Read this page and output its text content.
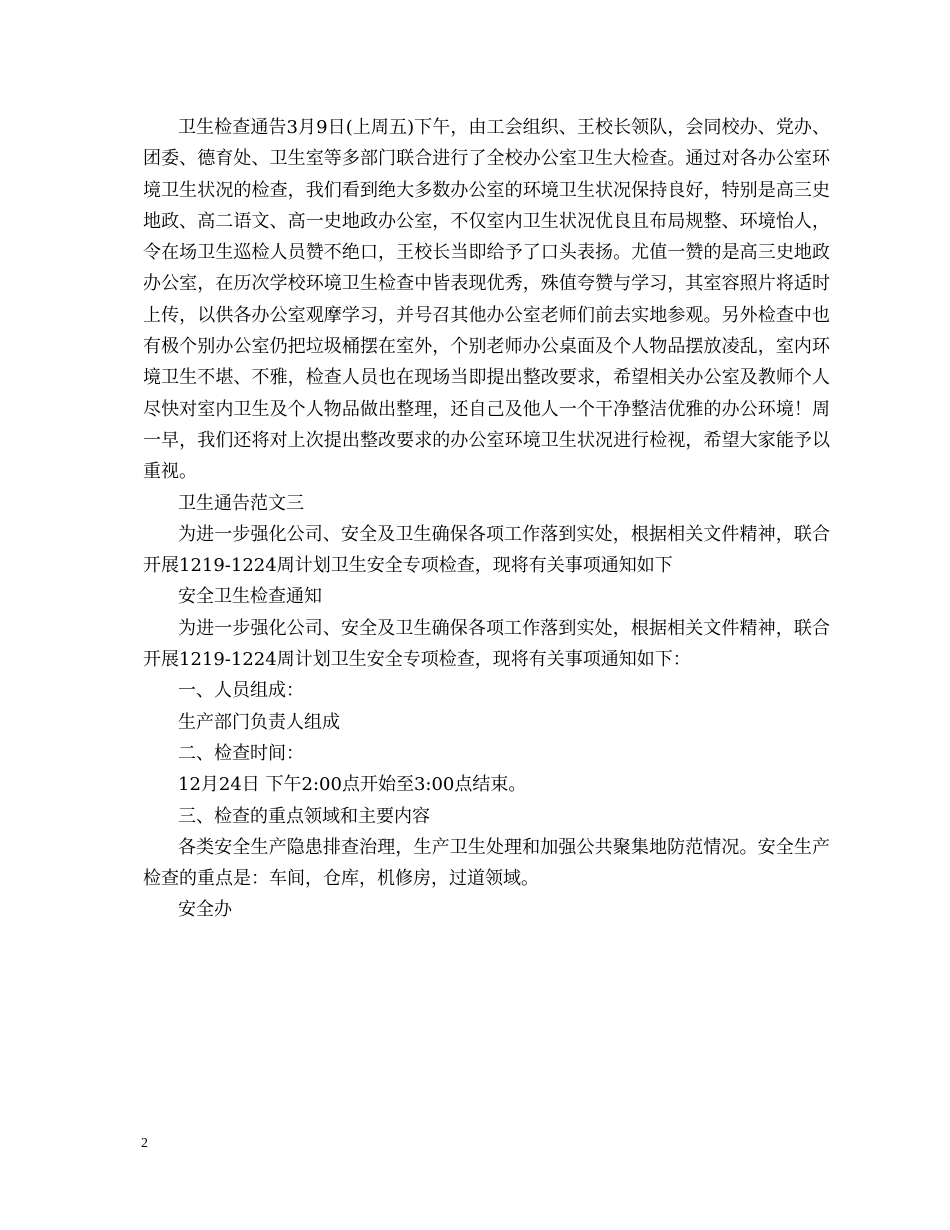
卫生检查通告3月9日(上周五)下午，由工会组织、王校长领队，会同校办、党办、团委、德育处、卫生室等多部门联合进行了全校办公室卫生大检查。通过对各办公室环境卫生状况的检查，我们看到绝大多数办公室的环境卫生状况保持良好，特别是高三史地政、高二语文、高一史地政办公室，不仅室内卫生状况优良且布局规整、环境怡人，令在场卫生巡检人员赞不绝口，王校长当即给予了口头表扬。尤值一赞的是高三史地政办公室，在历次学校环境卫生检查中皆表现优秀，殊值夸赞与学习，其室容照片将适时上传，以供各办公室观摩学习，并号召其他办公室老师们前去实地参观。另外检查中也有极个别办公室仍把垃圾桶摆在室外，个别老师办公桌面及个人物品摆放凌乱，室内环境卫生不堪、不雅，检查人员也在现场当即提出整改要求，希望相关办公室及教师个人尽快对室内卫生及个人物品做出整理，还自己及他人一个干净整洁优雅的办公环境！周一早，我们还将对上次提出整改要求的办公室环境卫生状况进行检视，希望大家能予以重视。

卫生通告范文三

为进一步强化公司、安全及卫生确保各项工作落到实处，根据相关文件精神，联合开展1219-1224周计划卫生安全专项检查，现将有关事项通知如下

安全卫生检查通知

为进一步强化公司、安全及卫生确保各项工作落到实处，根据相关文件精神，联合开展1219-1224周计划卫生安全专项检查，现将有关事项通知如下：

一、人员组成：

生产部门负责人组成

二、检查时间：

12月24日 下午2:00点开始至3:00点结束。

三、检查的重点领域和主要内容

各类安全生产隐患排查治理，生产卫生处理和加强公共聚集地防范情况。安全生产检查的重点是：车间，仓库，机修房，过道领域。

安全办

2
